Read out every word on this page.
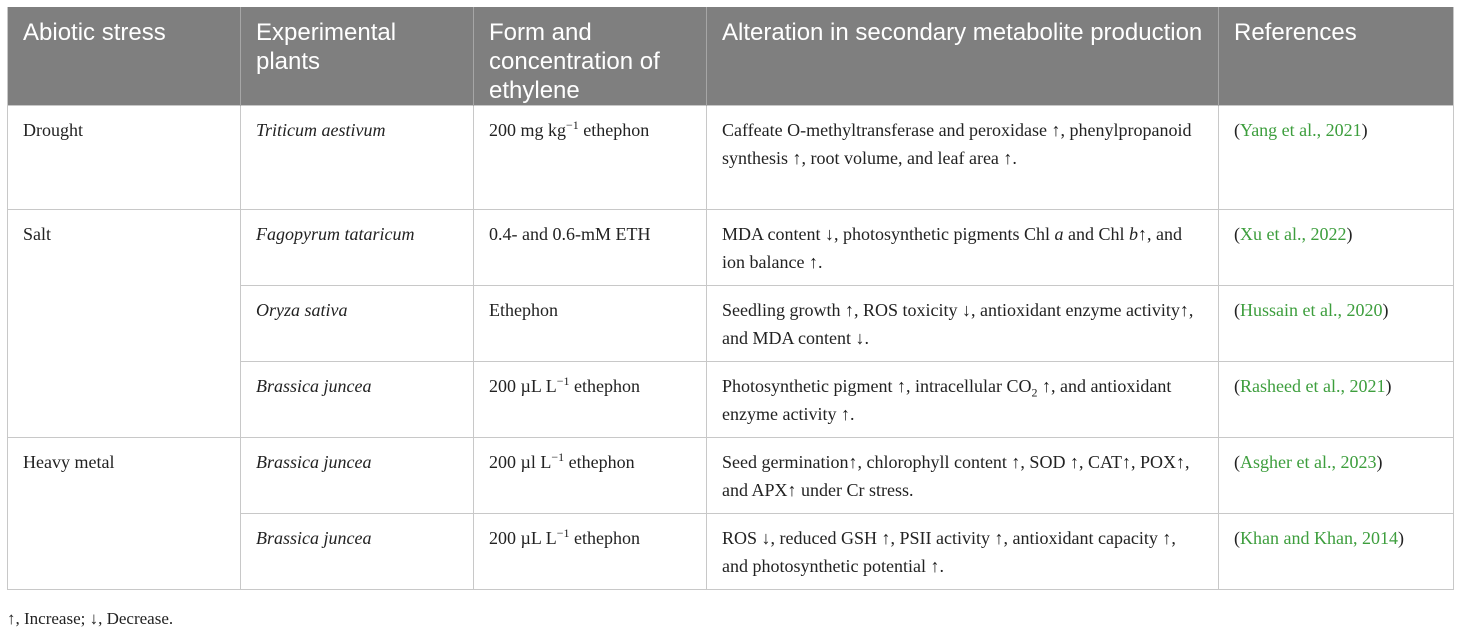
Abiotic stress	Experimental plants	Form and concentration of ethylene	Alteration in secondary metabolite production	References
Drought	Triticum aestivum	200 mg $kg^{-1}$ ethephon	Caffeate O-methyltransferase and peroxidase ↑, phenylpropanoid synthesis ↑, root volume, and leaf area ↑.	(Yang et al., 2021)
Salt	Fagopyrum tataricum	0.4- and 0.6-mM ETH	MDA content ↓, photosynthetic pigments Chl a and Chl b↑, and ion balance ↑.	(Xu et al., 2022)
	Oryza sativa	Ethephon	Seedling growth ↑, ROS toxicity ↓, antioxidant enzyme activity↑, and MDA content ↓.	(Hussain et al., 2020)
	Brassica juncea	200 µL $L^{-1}$ ethephon	Photosynthetic pigment ↑, intracellular $CO_2$ ↑, and antioxidant enzyme activity ↑.	(Rasheed et al., 2021)
Heavy metal	Brassica juncea	200 µl $L^{-1}$ ethephon	Seed germination↑, chlorophyll content ↑, SOD ↑, CAT↑, POX↑, and APX↑ under Cr stress.	(Asgher et al., 2023)
	Brassica juncea	200 µL $L^{-1}$ ethephon	ROS ↓, reduced GSH ↑, PSII activity ↑, antioxidant capacity ↑, and photosynthetic potential ↑.	(Khan and Khan, 2014)
↑, Increase; ↓, Decrease.
